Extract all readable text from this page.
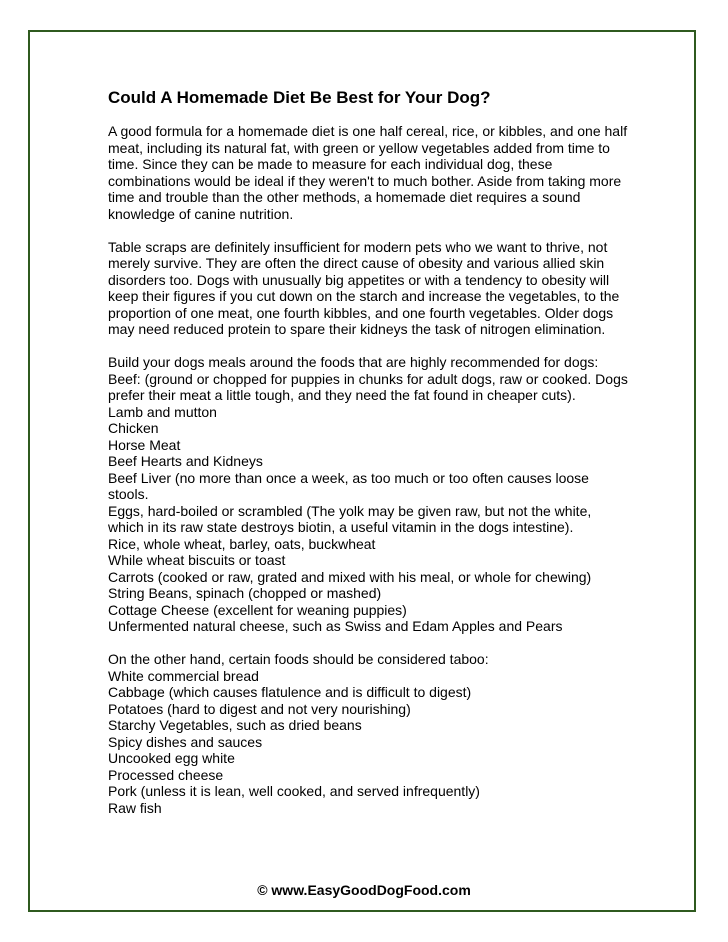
Could A Homemade Diet Be Best for Your Dog?
A good formula for a homemade diet is one half cereal, rice, or kibbles, and one half meat, including its natural fat, with green or yellow vegetables added from time to time. Since they can be made to measure for each individual dog, these combinations would be ideal if they weren't to much bother. Aside from taking more time and trouble than the other methods, a homemade diet requires a sound knowledge of canine nutrition.
Table scraps are definitely insufficient for modern pets who we want to thrive, not merely survive. They are often the direct cause of obesity and various allied skin disorders too. Dogs with unusually big appetites or with a tendency to obesity will keep their figures if you cut down on the starch and increase the vegetables, to the proportion of one meat, one fourth kibbles, and one fourth vegetables. Older dogs may need reduced protein to spare their kidneys the task of nitrogen elimination.
Build your dogs meals around the foods that are highly recommended for dogs:
Beef: (ground or chopped for puppies in chunks for adult dogs, raw or cooked. Dogs prefer their meat a little tough, and they need the fat found in cheaper cuts).
Lamb and mutton
Chicken
Horse Meat
Beef Hearts and Kidneys
Beef Liver (no more than once a week, as too much or too often causes loose stools.
Eggs, hard-boiled or scrambled (The yolk may be given raw, but not the white, which in its raw state destroys biotin, a useful vitamin in the dogs intestine).
Rice, whole wheat, barley, oats, buckwheat
While wheat biscuits or toast
Carrots (cooked or raw, grated and mixed with his meal, or whole for chewing)
String Beans, spinach (chopped or mashed)
Cottage Cheese (excellent for weaning puppies)
Unfermented natural cheese, such as Swiss and Edam Apples and Pears
On the other hand, certain foods should be considered taboo:
White commercial bread
Cabbage (which causes flatulence and is difficult to digest)
Potatoes (hard to digest and not very nourishing)
Starchy Vegetables, such as dried beans
Spicy dishes and sauces
Uncooked egg white
Processed cheese
Pork (unless it is lean, well cooked, and served infrequently)
Raw fish
© www.EasyGoodDogFood.com
